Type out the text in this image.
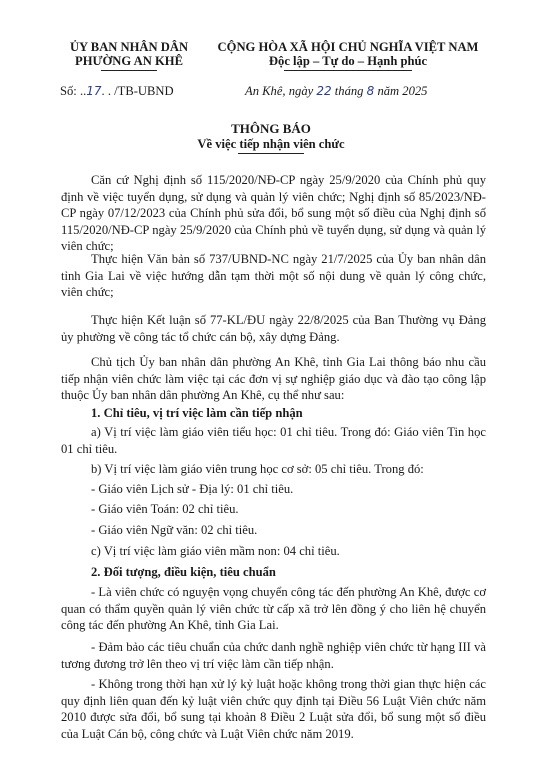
ỦY BAN NHÂN DÂN
PHƯỜNG AN KHÊ
CỘNG HÒA XÃ HỘI CHỦ NGHĨA VIỆT NAM
Độc lập – Tự do – Hạnh phúc
Số: ..17. . /TB-UBND	An Khê, ngày 22 tháng 8 năm 2025
THÔNG BÁO
Về việc tiếp nhận viên chức

Căn cứ Nghị định số 115/2020/NĐ-CP ngày 25/9/2020 của Chính phủ quy định về việc tuyển dụng, sử dụng và quản lý viên chức; Nghị định số 85/2023/NĐ-CP ngày 07/12/2023 của Chính phủ sửa đổi, bổ sung một số điều của Nghị định số 115/2020/NĐ-CP ngày 25/9/2020 của Chính phủ về tuyển dụng, sử dụng và quản lý viên chức;

Thực hiện Văn bản số 737/UBND-NC ngày 21/7/2025 của Ủy ban nhân dân tỉnh Gia Lai về việc hướng dẫn tạm thời một số nội dung về quản lý công chức, viên chức;

Thực hiện Kết luận số 77-KL/ĐU ngày 22/8/2025 của Ban Thường vụ Đảng ủy phường về công tác tổ chức cán bộ, xây dựng Đảng.

Chủ tịch Ủy ban nhân dân phường An Khê, tỉnh Gia Lai thông báo nhu cầu tiếp nhận viên chức làm việc tại các đơn vị sự nghiệp giáo dục và đào tạo công lập thuộc Ủy ban nhân dân phường An Khê, cụ thể như sau:

1. Chỉ tiêu, vị trí việc làm cần tiếp nhận

a) Vị trí việc làm giáo viên tiểu học: 01 chỉ tiêu. Trong đó: Giáo viên Tin học 01 chỉ tiêu.

b) Vị trí việc làm giáo viên trung học cơ sở: 05 chỉ tiêu. Trong đó:
- Giáo viên Lịch sử - Địa lý: 01 chỉ tiêu.
- Giáo viên Toán: 02 chỉ tiêu.
- Giáo viên Ngữ văn: 02 chỉ tiêu.
c) Vị trí việc làm giáo viên mầm non: 04 chỉ tiêu.
2. Đối tượng, điều kiện, tiêu chuẩn

- Là viên chức có nguyện vọng chuyển công tác đến phường An Khê, được cơ quan có thẩm quyền quản lý viên chức từ cấp xã trở lên đồng ý cho liên hệ chuyển công tác đến phường An Khê, tỉnh Gia Lai.

- Đảm bảo các tiêu chuẩn của chức danh nghề nghiệp viên chức từ hạng III và tương đương trở lên theo vị trí việc làm cần tiếp nhận.

- Không trong thời hạn xử lý kỷ luật hoặc không trong thời gian thực hiện các quy định liên quan đến kỷ luật viên chức quy định tại Điều 56 Luật Viên chức năm 2010 được sửa đổi, bổ sung tại khoản 8 Điều 2 Luật sửa đổi, bổ sung một số điều của Luật Cán bộ, công chức và Luật Viên chức năm 2019.
